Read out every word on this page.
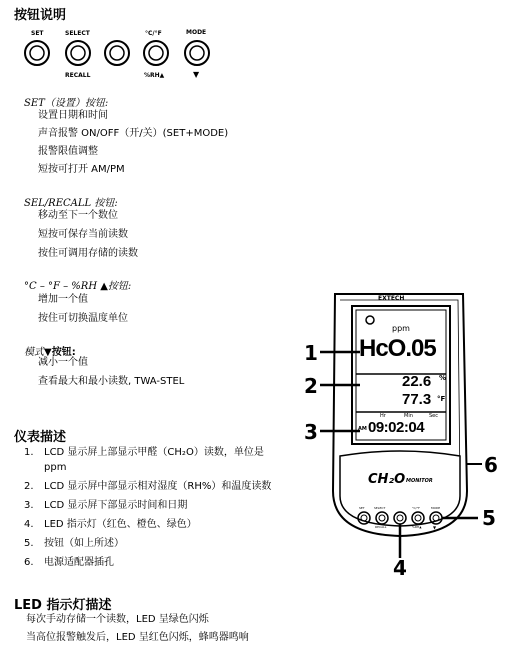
按钮说明
SET	SELECT	°C/°F	MODE
RECALL	%RH▲	▼
SET（设置）按钮:
设置日期和时间
声音报警 ON/OFF（开/关）(SET+MODE)
报警限值调整
短按可打开 AM/PM
SEL/RECALL 按钮:
移动至下一个数位
短按可保存当前读数
按住可调用存储的读数
°C – °F – %RH ▲按钮:
增加一个值
按住可切换温度单位
模式▼按钮:
减小一个值
查看最大和最小读数, TWA-STEL
仪表描述
1.	LCD 显示屏上部显示甲醛（CH₂O）读数，单位是
ppm
2.	LCD 显示屏中部显示相对湿度（RH%）和温度读数
3.	LCD 显示屏下部显示时间和日期
4.	LED 指示灯（红色、橙色、绿色）
5.	按钮（如上所述）
6.	电源适配器插孔
LED 指示灯描述
每次手动存储一个读数，LED 呈绿色闪烁
当高位报警触发后，LED 呈红色闪烁，蜂鸣器鸣响
EXTECH
ppm
HcO.05
22.6 %
77.3 °F
Hr	Min	Sec
AM 09:02:04
CH₂O MONITOR
SET	SELECT	°C/°F	MODE
RECALL	%RH▲	▼
1
2
3
4
5
6
